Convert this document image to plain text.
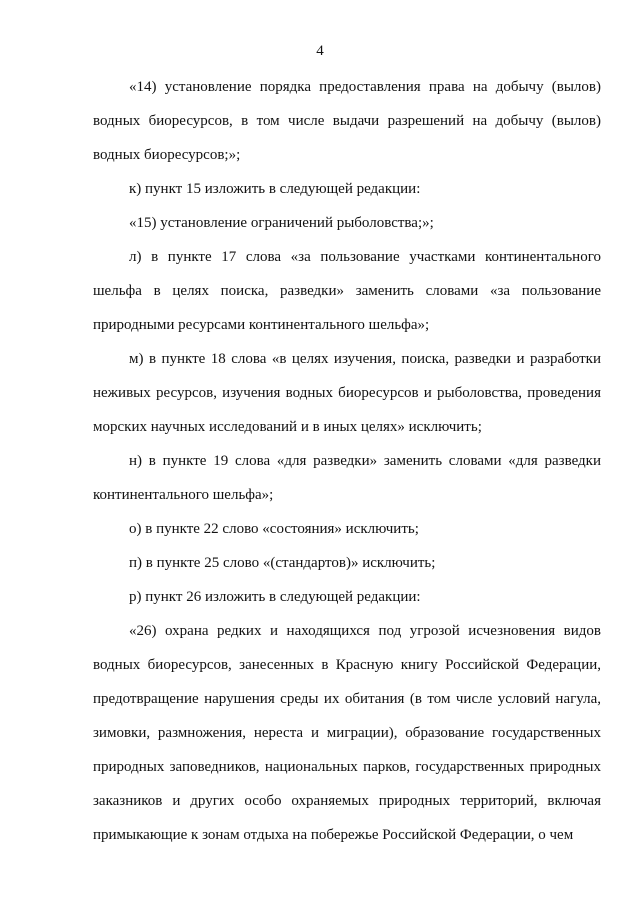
4

«14) установление порядка предоставления права на добычу (вылов) водных биоресурсов, в том числе выдачи разрешений на добычу (вылов) водных биоресурсов;»;

к) пункт 15 изложить в следующей редакции:

«15) установление ограничений рыболовства;»;

л) в пункте 17 слова «за пользование участками континентального шельфа в целях поиска, разведки» заменить словами «за пользование природными ресурсами континентального шельфа»;

м) в пункте 18 слова «в целях изучения, поиска, разведки и разработки неживых ресурсов, изучения водных биоресурсов и рыболовства, проведения морских научных исследований и в иных целях» исключить;

н) в пункте 19 слова «для разведки» заменить словами «для разведки континентального шельфа»;

о) в пункте 22 слово «состояния» исключить;

п) в пункте 25 слово «(стандартов)» исключить;

р) пункт 26 изложить в следующей редакции:

«26) охрана редких и находящихся под угрозой исчезновения видов водных биоресурсов, занесенных в Красную книгу Российской Федерации, предотвращение нарушения среды их обитания (в том числе условий нагула, зимовки, размножения, нереста и миграции), образование государственных природных заповедников, национальных парков, государственных природных заказников и других особо охраняемых природных территорий, включая примыкающие к зонам отдыха на побережье Российской Федерации, о чем
